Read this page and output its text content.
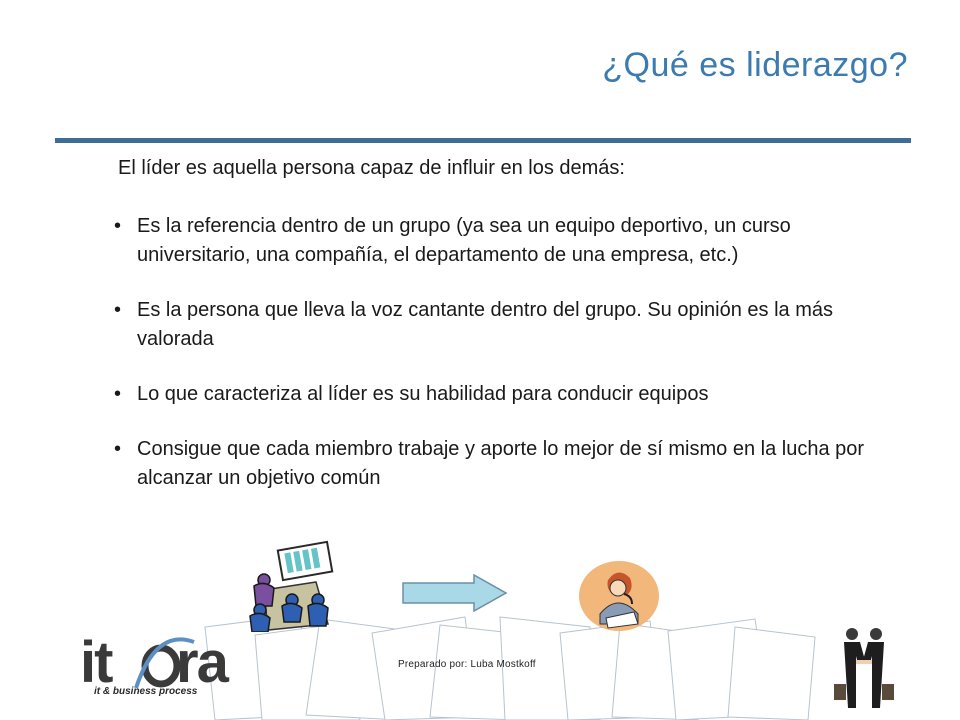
¿Qué es liderazgo?
El líder es aquella persona capaz de influir en los demás:
• Es la referencia dentro de un grupo (ya sea un equipo deportivo, un curso universitario, una compañía, el departamento de una empresa, etc.)
• Es la persona que lleva la voz cantante dentro del grupo. Su opinión es la más valorada
• Lo que caracteriza al líder es su habilidad para conducir equipos
• Consigue que cada miembro trabaje y aporte lo mejor de sí mismo en la lucha por alcanzar un objetivo común
it ra
it & business process
Preparado por: Luba Mostkoff
